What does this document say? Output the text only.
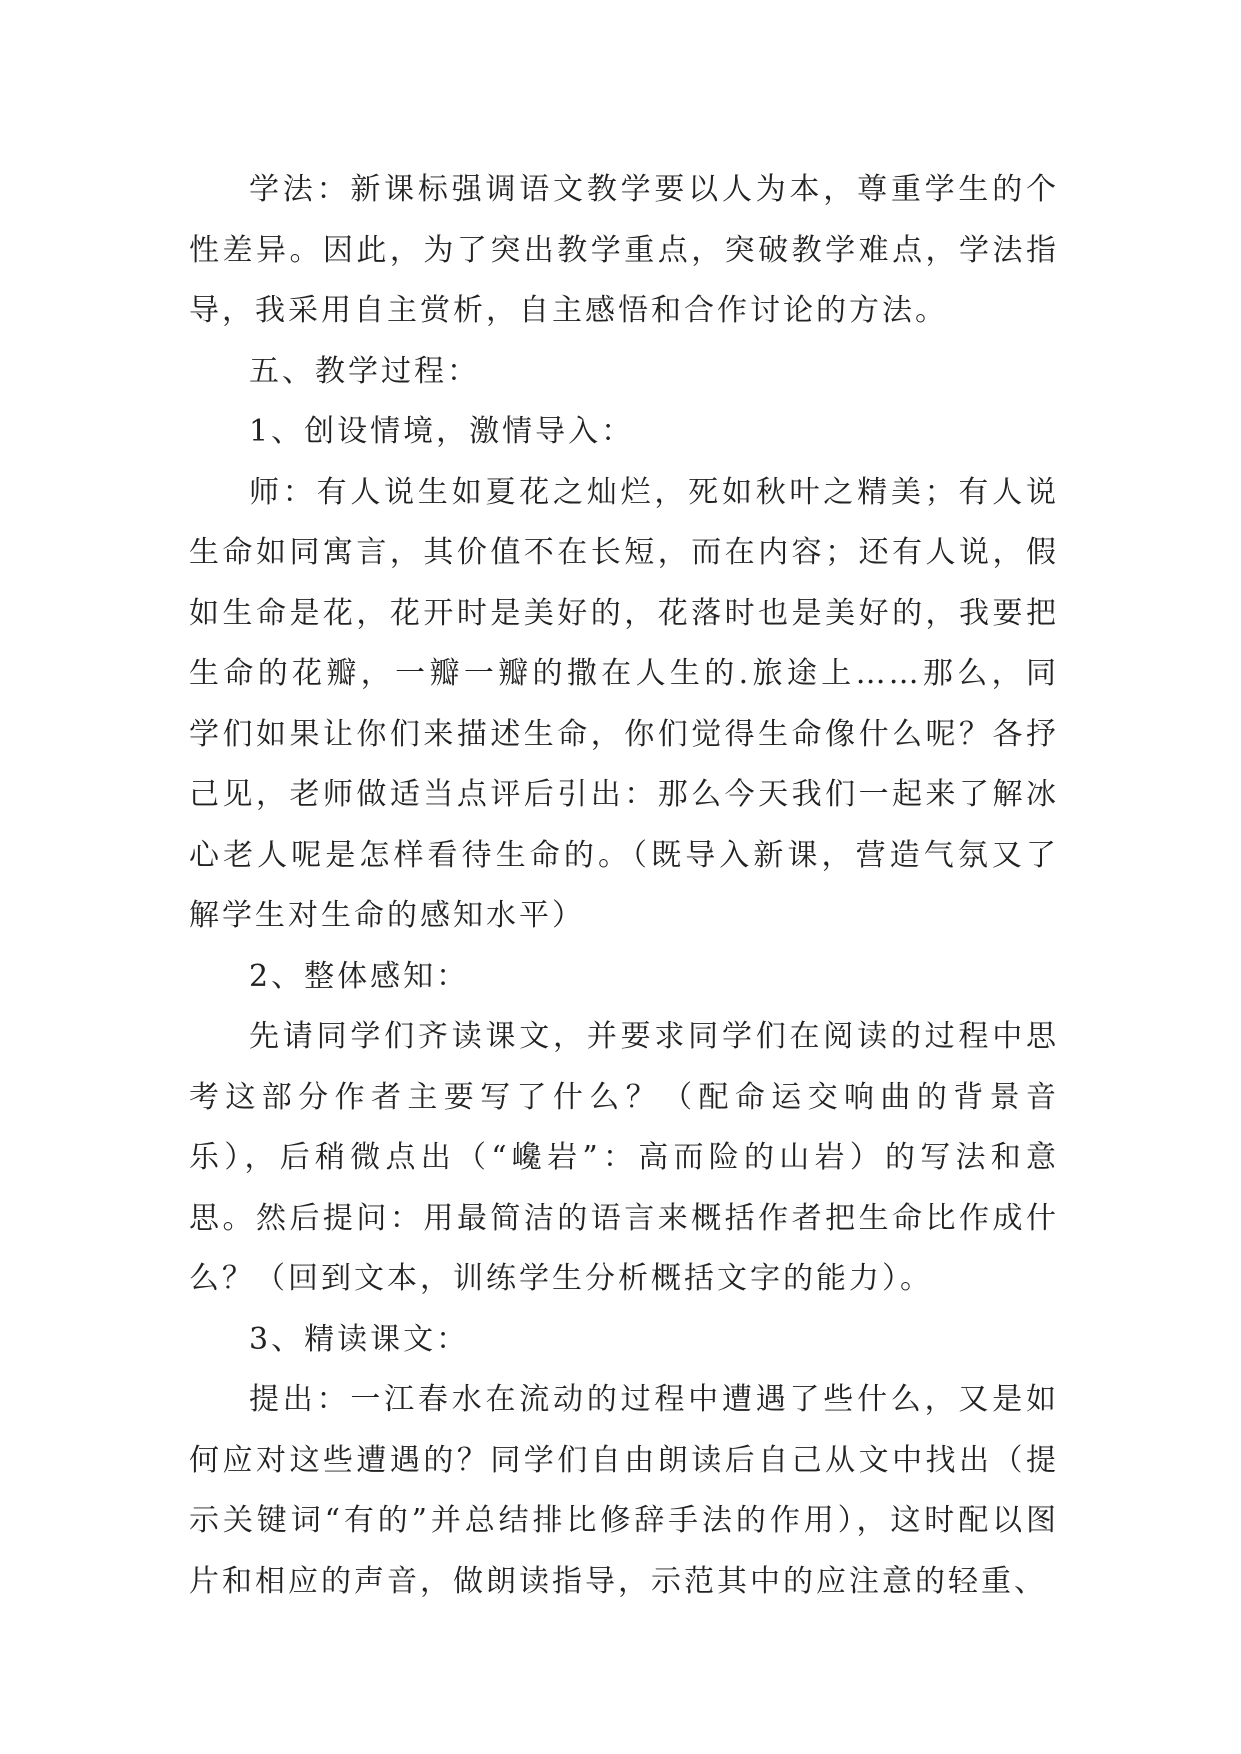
学法：新课标强调语文教学要以人为本，尊重学生的个性差异。因此，为了突出教学重点，突破教学难点，学法指导，我采用自主赏析，自主感悟和合作讨论的方法。

五、教学过程：

1、创设情境，激情导入：

师：有人说生如夏花之灿烂，死如秋叶之精美；有人说生命如同寓言，其价值不在长短，而在内容；还有人说，假如生命是花，花开时是美好的，花落时也是美好的，我要把生命的花瓣，一瓣一瓣的撒在人生的.旅途上……那么，同学们如果让你们来描述生命，你们觉得生命像什么呢？各抒己见，老师做适当点评后引出：那么今天我们一起来了解冰心老人呢是怎样看待生命的。（既导入新课，营造气氛又了解学生对生命的感知水平）

2、整体感知：

先请同学们齐读课文，并要求同学们在阅读的过程中思考这部分作者主要写了什么？（配命运交响曲的背景音乐），后稍微点出（“巉岩”：高而险的山岩）的写法和意思。然后提问：用最简洁的语言来概括作者把生命比作成什么？（回到文本，训练学生分析概括文字的能力）。

3、精读课文：

提出：一江春水在流动的过程中遭遇了些什么，又是如何应对这些遭遇的？同学们自由朗读后自己从文中找出（提示关键词“有的”并总结排比修辞手法的作用），这时配以图片和相应的声音，做朗读指导，示范其中的应注意的轻重、
